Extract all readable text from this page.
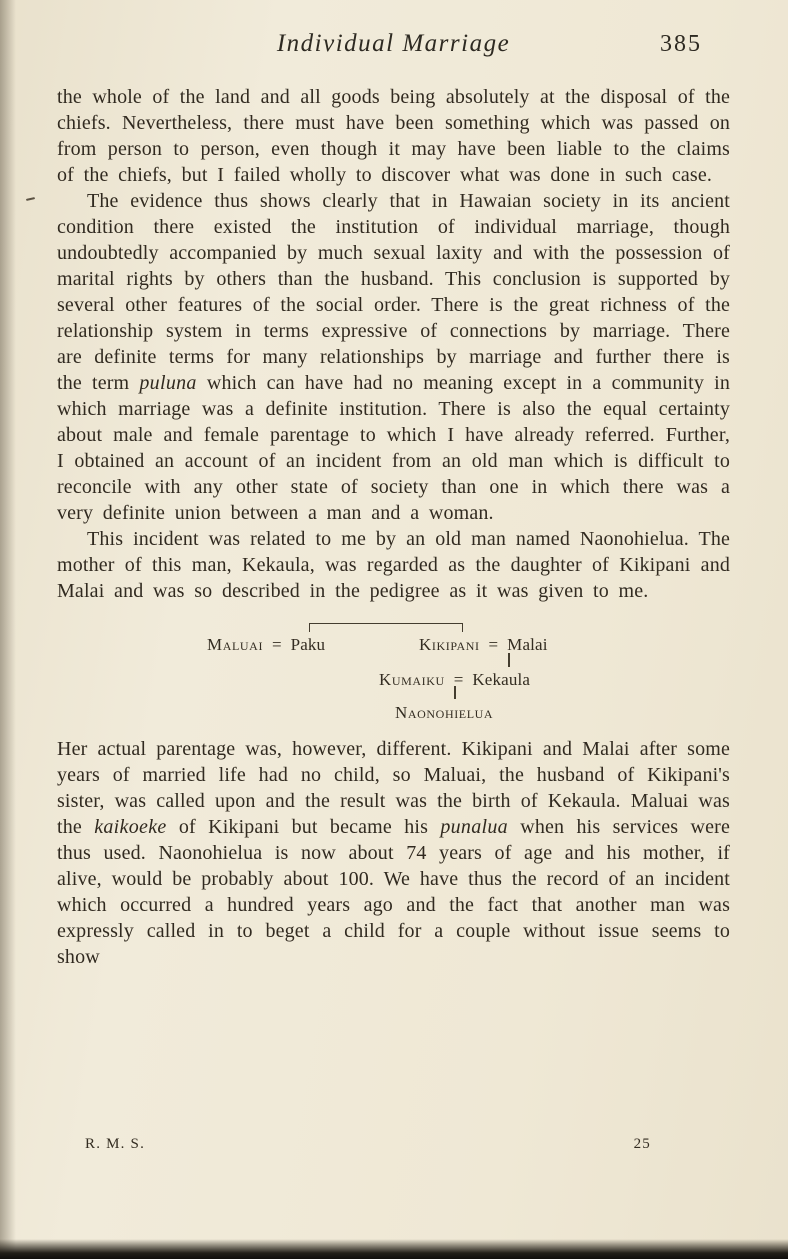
Individual Marriage	385

the whole of the land and all goods being absolutely at the disposal of the chiefs. Nevertheless, there must have been something which was passed on from person to person, even though it may have been liable to the claims of the chiefs, but I failed wholly to discover what was done in such case.

The evidence thus shows clearly that in Hawaian society in its ancient condition there existed the institution of individual marriage, though undoubtedly accompanied by much sexual laxity and with the possession of marital rights by others than the husband. This conclusion is supported by several other features of the social order. There is the great richness of the relationship system in terms expressive of connections by marriage. There are definite terms for many relationships by marriage and further there is the term puluna which can have had no meaning except in a community in which marriage was a definite institution. There is also the equal certainty about male and female parentage to which I have already referred. Further, I obtained an account of an incident from an old man which is difficult to reconcile with any other state of society than one in which there was a very definite union between a man and a woman.

This incident was related to me by an old man named Naonohielua. The mother of this man, Kekaula, was regarded as the daughter of Kikipani and Malai and was so described in the pedigree as it was given to me.

Maluai = Paku	Kikipani = Malai
Kumaiku = Kekaula
Naonohielua

Her actual parentage was, however, different. Kikipani and Malai after some years of married life had no child, so Maluai, the husband of Kikipani's sister, was called upon and the result was the birth of Kekaula. Maluai was the kaikoeke of Kikipani but became his punalua when his services were thus used. Naonohielua is now about 74 years of age and his mother, if alive, would be probably about 100. We have thus the record of an incident which occurred a hundred years ago and the fact that another man was expressly called in to beget a child for a couple without issue seems to show

R. M. S.	25
